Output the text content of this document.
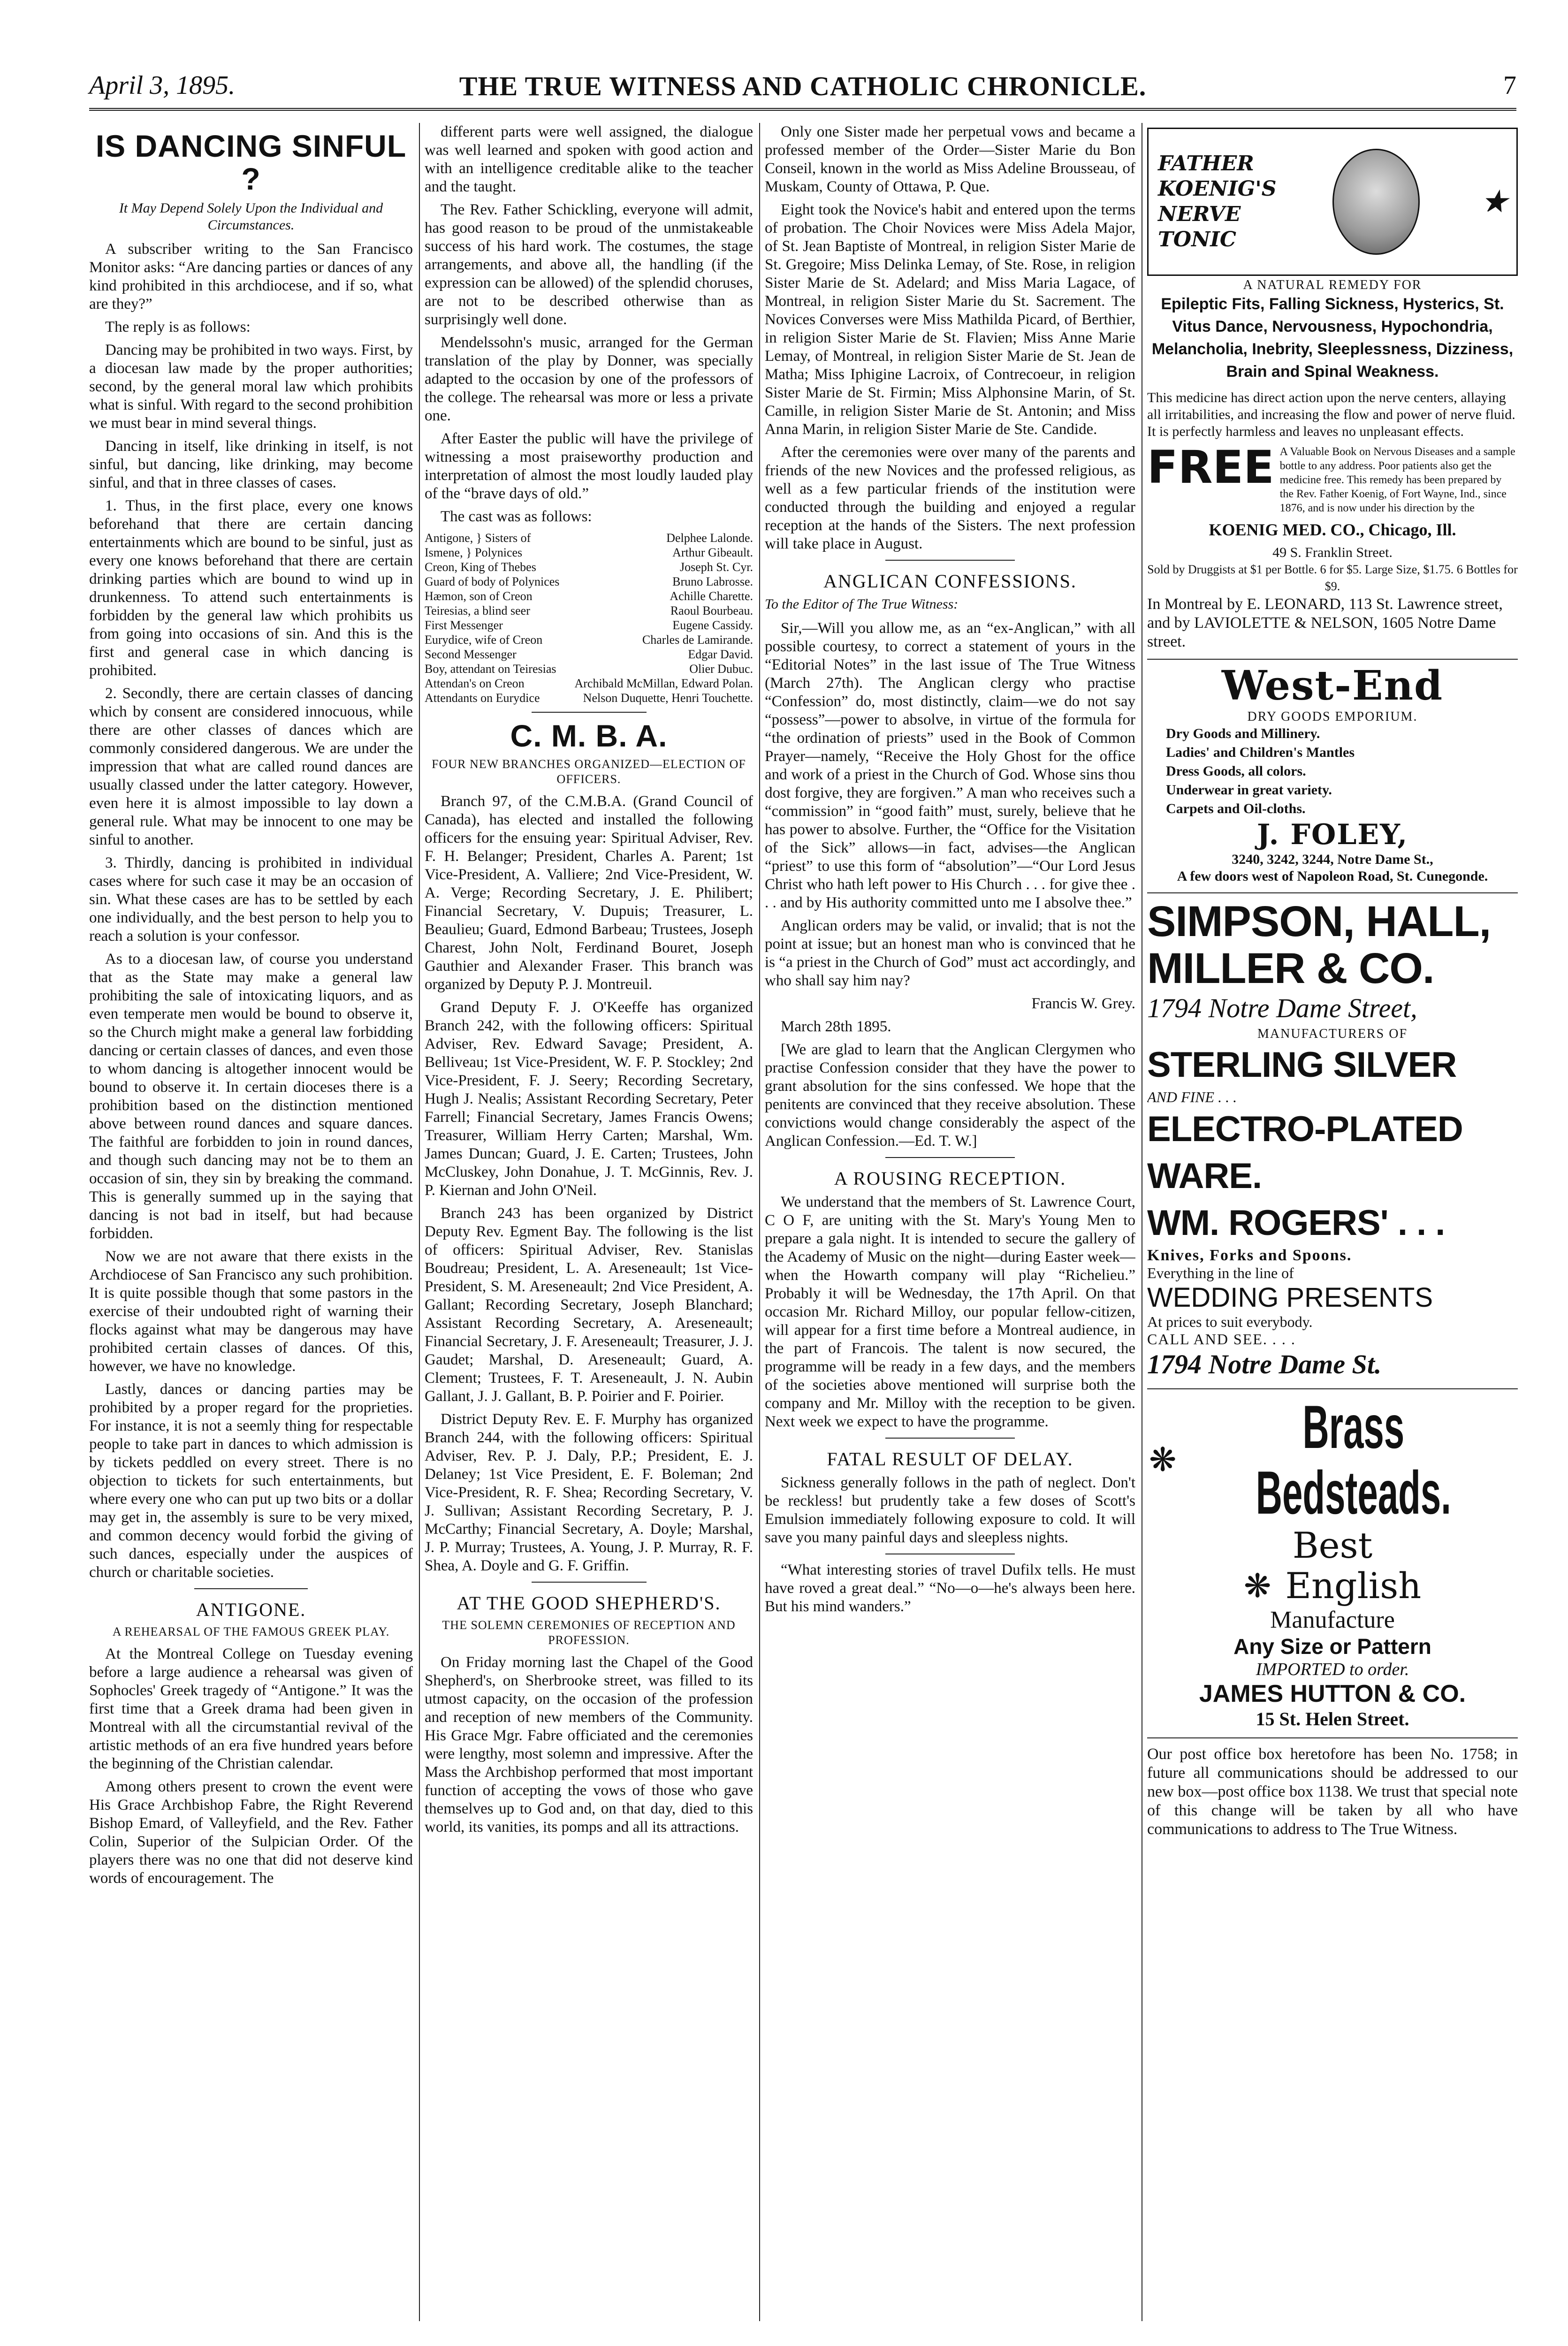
April 3, 1895.	THE TRUE WITNESS AND CATHOLIC CHRONICLE.	7
IS DANCING SINFUL ?
It May Depend Solely Upon the Individual and Circumstances.

A subscriber writing to the San Francisco Monitor asks: “Are dancing parties or dances of any kind prohibited in this archdiocese, and if so, what are they?”

The reply is as follows:

Dancing may be prohibited in two ways. First, by a diocesan law made by the proper authorities; second, by the general moral law which prohibits what is sinful. With regard to the second prohibition we must bear in mind several things.

Dancing in itself, like drinking in itself, is not sinful, but dancing, like drinking, may become sinful, and that in three classes of cases.

1. Thus, in the first place, every one knows beforehand that there are certain dancing entertainments which are bound to be sinful, just as every one knows beforehand that there are certain drinking parties which are bound to wind up in drunkenness. To attend such entertainments is forbidden by the general law which prohibits us from going into occasions of sin. And this is the first and general case in which dancing is prohibited.

2. Secondly, there are certain classes of dancing which by consent are considered innocuous, while there are other classes of dances which are commonly considered dangerous. We are under the impression that what are called round dances are usually classed under the latter category. However, even here it is almost impossible to lay down a general rule. What may be innocent to one may be sinful to another.

3. Thirdly, dancing is prohibited in individual cases where for such case it may be an occasion of sin. What these cases are has to be settled by each one individually, and the best person to help you to reach a solution is your confessor.

As to a diocesan law, of course you understand that as the State may make a general law prohibiting the sale of intoxicating liquors, and as even temperate men would be bound to observe it, so the Church might make a general law forbidding dancing or certain classes of dances, and even those to whom dancing is altogether innocent would be bound to observe it. In certain dioceses there is a prohibition based on the distinction mentioned above between round dances and square dances. The faithful are forbidden to join in round dances, and though such dancing may not be to them an occasion of sin, they sin by breaking the command. This is generally summed up in the saying that dancing is not bad in itself, but had because forbidden.

Now we are not aware that there exists in the Archdiocese of San Francisco any such prohibition. It is quite possible though that some pastors in the exercise of their undoubted right of warning their flocks against what may be dangerous may have prohibited certain classes of dances. Of this, however, we have no knowledge.

Lastly, dances or dancing parties may be prohibited by a proper regard for the proprieties. For instance, it is not a seemly thing for respectable people to take part in dances to which admission is by tickets peddled on every street. There is no objection to tickets for such entertainments, but where every one who can put up two bits or a dollar may get in, the assembly is sure to be very mixed, and common decency would forbid the giving of such dances, especially under the auspices of church or charitable societies.

ANTIGONE.
A REHEARSAL OF THE FAMOUS GREEK PLAY.

At the Montreal College on Tuesday evening before a large audience a rehearsal was given of Sophocles' Greek tragedy of “Antigone.” It was the first time that a Greek drama had been given in Montreal with all the circumstantial revival of the artistic methods of an era five hundred years before the beginning of the Christian calendar.

Among others present to crown the event were His Grace Archbishop Fabre, the Right Reverend Bishop Emard, of Valleyfield, and the Rev. Father Colin, Superior of the Sulpician Order. Of the players there was no one that did not deserve kind words of encouragement. The

different parts were well assigned, the dialogue was well learned and spoken with good action and with an intelligence creditable alike to the teacher and the taught.

The Rev. Father Schickling, everyone will admit, has good reason to be proud of the unmistakeable success of his hard work. The costumes, the stage arrangements, and above all, the handling (if the expression can be allowed) of the splendid choruses, are not to be described otherwise than as surprisingly well done.

Mendelssohn's music, arranged for the German translation of the play by Donner, was specially adapted to the occasion by one of the professors of the college. The rehearsal was more or less a private one.

After Easter the public will have the privilege of witnessing a most praiseworthy production and interpretation of almost the most loudly lauded play of the “brave days of old.”

The cast was as follows:

Antigone, } Sisters of	Delphee Lalonde.
Ismene, } Polynices	Arthur Gibeault.
Creon, King of Thebes	Joseph St. Cyr.
Guard of body of Polynices	Bruno Labrosse.
Hæmon, son of Creon	Achille Charette.
Teiresias, a blind seer	Raoul Bourbeau.
First Messenger	Eugene Cassidy.
Eurydice, wife of Creon	Charles de Lamirande.
Second Messenger	Edgar David.
Boy, attendant on Teiresias	Olier Dubuc.
Attendan's on Creon	Archibald McMillan, Edward Polan.
Attendants on Eurydice	Nelson Duquette, Henri Touchette.
C. M. B. A.
FOUR NEW BRANCHES ORGANIZED—ELECTION OF OFFICERS.

Branch 97, of the C.M.B.A. (Grand Council of Canada), has elected and installed the following officers for the ensuing year: Spiritual Adviser, Rev. F. H. Belanger; President, Charles A. Parent; 1st Vice-President, A. Valliere; 2nd Vice-President, W. A. Verge; Recording Secretary, J. E. Philibert; Financial Secretary, V. Dupuis; Treasurer, L. Beaulieu; Guard, Edmond Barbeau; Trustees, Joseph Charest, John Nolt, Ferdinand Bouret, Joseph Gauthier and Alexander Fraser. This branch was organized by Deputy P. J. Montreuil.

Grand Deputy F. J. O'Keeffe has organized Branch 242, with the following officers: Spiritual Adviser, Rev. Edward Savage; President, A. Belliveau; 1st Vice-President, W. F. P. Stockley; 2nd Vice-President, F. J. Seery; Recording Secretary, Hugh J. Nealis; Assistant Recording Secretary, Peter Farrell; Financial Secretary, James Francis Owens; Treasurer, William Herry Carten; Marshal, Wm. James Duncan; Guard, J. E. Carten; Trustees, John McCluskey, John Donahue, J. T. McGinnis, Rev. J. P. Kiernan and John O'Neil.

Branch 243 has been organized by District Deputy Rev. Egment Bay. The following is the list of officers: Spiritual Adviser, Rev. Stanislas Boudreau; President, L. A. Areseneault; 1st Vice-President, S. M. Areseneault; 2nd Vice President, A. Gallant; Recording Secretary, Joseph Blanchard; Assistant Recording Secretary, A. Areseneault; Financial Secretary, J. F. Areseneault; Treasurer, J. J. Gaudet; Marshal, D. Areseneault; Guard, A. Clement; Trustees, F. T. Areseneault, J. N. Aubin Gallant, J. J. Gallant, B. P. Poirier and F. Poirier.

District Deputy Rev. E. F. Murphy has organized Branch 244, with the following officers: Spiritual Adviser, Rev. P. J. Daly, P.P.; President, E. J. Delaney; 1st Vice President, E. F. Boleman; 2nd Vice-President, R. F. Shea; Recording Secretary, V. J. Sullivan; Assistant Recording Secretary, P. J. McCarthy; Financial Secretary, A. Doyle; Marshal, J. P. Murray; Trustees, A. Young, J. P. Murray, R. F. Shea, A. Doyle and G. F. Griffin.

AT THE GOOD SHEPHERD'S.
THE SOLEMN CEREMONIES OF RECEPTION AND PROFESSION.

On Friday morning last the Chapel of the Good Shepherd's, on Sherbrooke street, was filled to its utmost capacity, on the occasion of the profession and reception of new members of the Community. His Grace Mgr. Fabre officiated and the ceremonies were lengthy, most solemn and impressive. After the Mass the Archbishop performed that most important function of accepting the vows of those who gave themselves up to God and, on that day, died to this world, its vanities, its pomps and all its attractions.

Only one Sister made her perpetual vows and became a professed member of the Order—Sister Marie du Bon Conseil, known in the world as Miss Adeline Brousseau, of Muskam, County of Ottawa, P. Que.

Eight took the Novice's habit and entered upon the terms of probation. The Choir Novices were Miss Adela Major, of St. Jean Baptiste of Montreal, in religion Sister Marie de St. Gregoire; Miss Delinka Lemay, of Ste. Rose, in religion Sister Marie de St. Adelard; and Miss Maria Lagace, of Montreal, in religion Sister Marie du St. Sacrement. The Novices Converses were Miss Mathilda Picard, of Berthier, in religion Sister Marie de St. Flavien; Miss Anne Marie Lemay, of Montreal, in religion Sister Marie de St. Jean de Matha; Miss Iphigine Lacroix, of Contrecoeur, in religion Sister Marie de St. Firmin; Miss Alphonsine Marin, of St. Camille, in religion Sister Marie de St. Antonin; and Miss Anna Marin, in religion Sister Marie de Ste. Candide.

After the ceremonies were over many of the parents and friends of the new Novices and the professed religious, as well as a few particular friends of the institution were conducted through the building and enjoyed a regular reception at the hands of the Sisters. The next profession will take place in August.

ANGLICAN CONFESSIONS.
To the Editor of The True Witness:

Sir,—Will you allow me, as an “ex-Anglican,” with all possible courtesy, to correct a statement of yours in the “Editorial Notes” in the last issue of The True Witness (March 27th). The Anglican clergy who practise “Confession” do, most distinctly, claim—we do not say “possess”—power to absolve, in virtue of the formula for “the ordination of priests” used in the Book of Common Prayer—namely, “Receive the Holy Ghost for the office and work of a priest in the Church of God. Whose sins thou dost forgive, they are forgiven.” A man who receives such a “commission” in “good faith” must, surely, believe that he has power to absolve. Further, the “Office for the Visitation of the Sick” allows—in fact, advises—the Anglican “priest” to use this form of “absolution”—“Our Lord Jesus Christ who hath left power to His Church . . . for give thee . . . and by His authority committed unto me I absolve thee.”

Anglican orders may be valid, or invalid; that is not the point at issue; but an honest man who is convinced that he is “a priest in the Church of God” must act accordingly, and who shall say him nay?

Francis W. Grey.

March 28th 1895.

[We are glad to learn that the Anglican Clergymen who practise Confession consider that they have the power to grant absolution for the sins confessed. We hope that the penitents are convinced that they receive absolution. These convictions would change considerably the aspect of the Anglican Confession.—Ed. T. W.]

A ROUSING RECEPTION.

We understand that the members of St. Lawrence Court, C O F, are uniting with the St. Mary's Young Men to prepare a gala night. It is intended to secure the gallery of the Academy of Music on the night—during Easter week—when the Howarth company will play “Richelieu.” Probably it will be Wednesday, the 17th April. On that occasion Mr. Richard Milloy, our popular fellow-citizen, will appear for a first time before a Montreal audience, in the part of Francois. The talent is now secured, the programme will be ready in a few days, and the members of the societies above mentioned will surprise both the company and Mr. Milloy with the reception to be given. Next week we expect to have the programme.

FATAL RESULT OF DELAY.

Sickness generally follows in the path of neglect. Don't be reckless! but prudently take a few doses of Scott's Emulsion immediately following exposure to cold. It will save you many painful days and sleepless nights.

“What interesting stories of travel Dufilx tells. He must have roved a great deal.” “No—o—he's always been here. But his mind wanders.”

FATHER KOENIG'S NERVE TONIC
★
A NATURAL REMEDY FOR
Epileptic Fits, Falling Sickness, Hysterics, St. Vitus Dance, Nervousness, Hypochondria, Melancholia, Inebrity, Sleeplessness, Dizziness, Brain and Spinal Weakness.
This medicine has direct action upon the nerve centers, allaying all irritabilities, and increasing the flow and power of nerve fluid. It is perfectly harmless and leaves no unpleasant effects.
FREE A Valuable Book on Nervous Diseases and a sample bottle to any address. Poor patients also get the medicine free. This remedy has been prepared by the Rev. Father Koenig, of Fort Wayne, Ind., since 1876, and is now under his direction by the
KOENIG MED. CO., Chicago, Ill.
49 S. Franklin Street.
Sold by Druggists at $1 per Bottle. 6 for $5. Large Size, $1.75. 6 Bottles for $9.
In Montreal by E. LEONARD, 113 St. Lawrence street, and by LAVIOLETTE & NELSON, 1605 Notre Dame street.
West-End
DRY GOODS EMPORIUM.
Dry Goods and Millinery.
Ladies' and Children's Mantles
Dress Goods, all colors.
Underwear in great variety.
Carpets and Oil-cloths.
J. FOLEY,
3240, 3242, 3244, Notre Dame St.,
A few doors west of Napoleon Road, St. Cunegonde.
SIMPSON, HALL,
MILLER & CO.
1794 Notre Dame Street,
MANUFACTURERS OF
STERLING SILVER
AND FINE . . .
ELECTRO-PLATED WARE.
WM. ROGERS' . . .
Knives, Forks and Spoons.
Everything in the line of
WEDDING PRESENTS
At prices to suit everybody.
CALL AND SEE. . . .
1794 Notre Dame St.
❋	Brass
Bedsteads.
Best
❋ English
Manufacture
Any Size or Pattern
IMPORTED to order.
JAMES HUTTON & CO.
15 St. Helen Street.

Our post office box heretofore has been No. 1758; in future all communications should be addressed to our new box—post office box 1138. We trust that special note of this change will be taken by all who have communications to address to The True Witness.
